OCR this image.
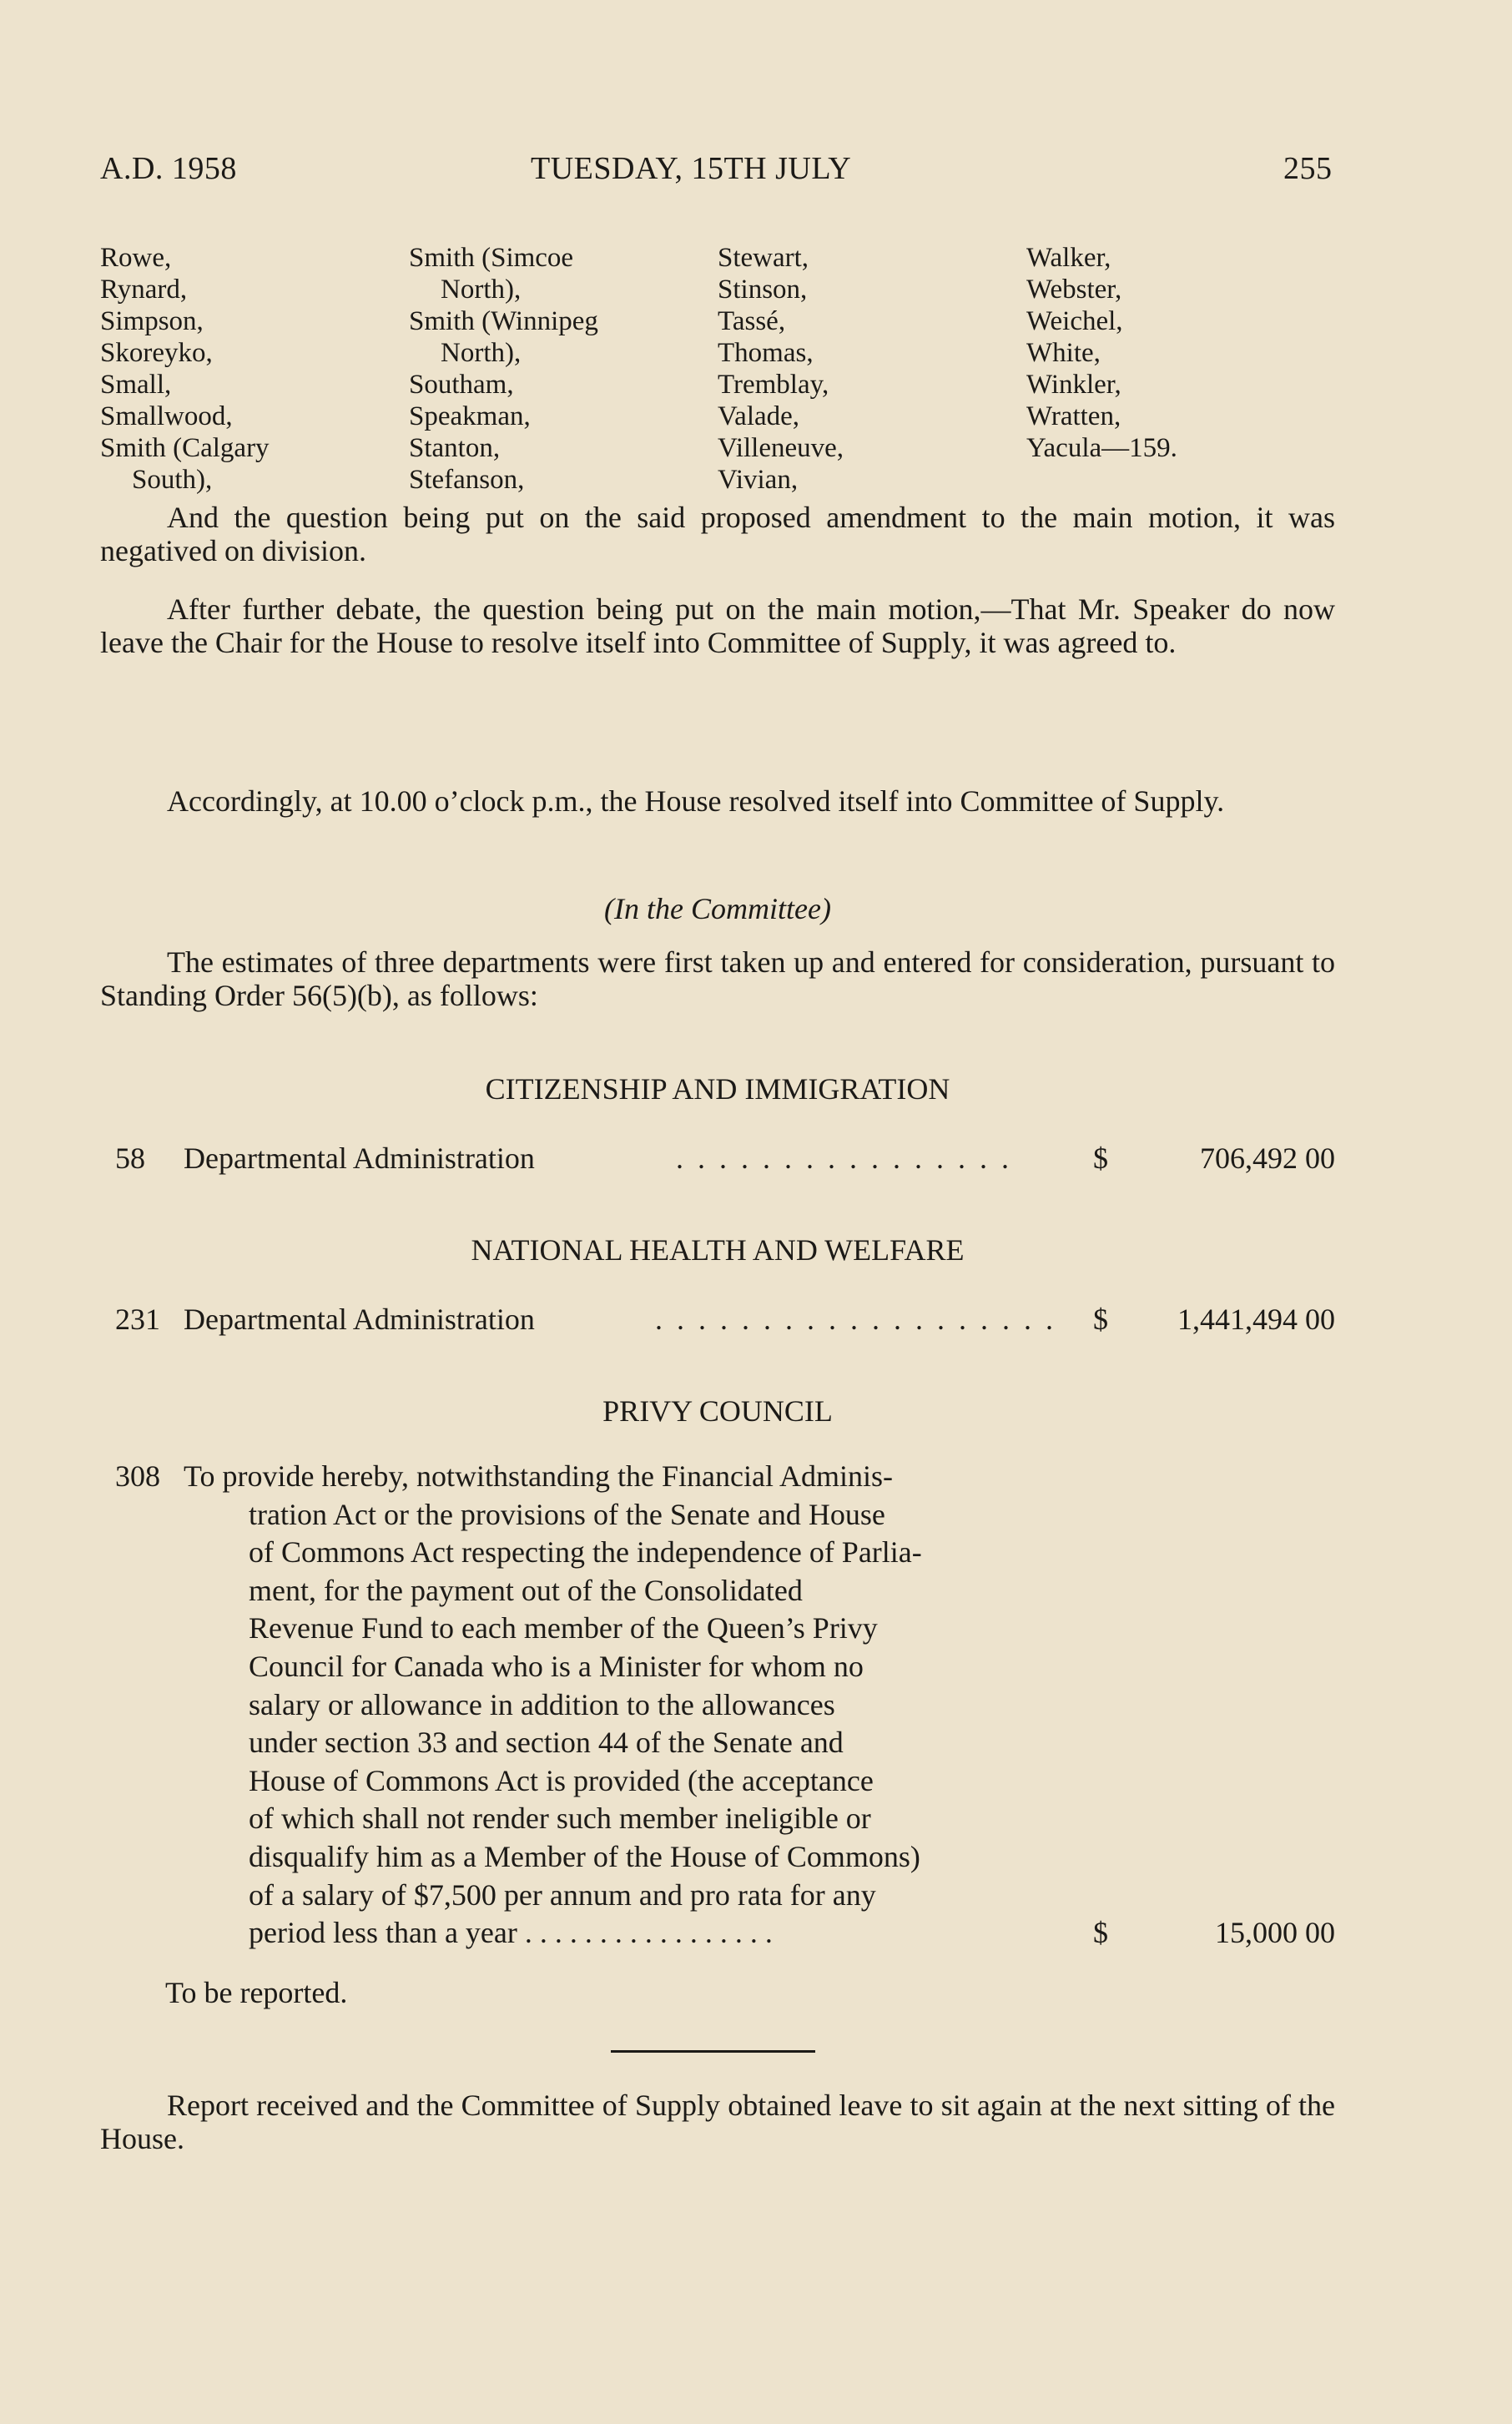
A.D. 1958	TUESDAY, 15TH JULY	255
Rowe,
Rynard,
Simpson,
Skoreyko,
Small,
Smallwood,
Smith (Calgary
South),
Smith (Simcoe
North),
Smith (Winnipeg
North),
Southam,
Speakman,
Stanton,
Stefanson,
Stewart,
Stinson,
Tassé,
Thomas,
Tremblay,
Valade,
Villeneuve,
Vivian,
Walker,
Webster,
Weichel,
White,
Winkler,
Wratten,
Yacula—159.

And the question being put on the said proposed amendment to the main motion, it was negatived on division.

After further debate, the question being put on the main motion,—That Mr. Speaker do now leave the Chair for the House to resolve itself into Committee of Supply, it was agreed to.

Accordingly, at 10.00 o’clock p.m., the House resolved itself into Committee of Supply.

(In the Committee)

The estimates of three departments were first taken up and entered for consideration, pursuant to Standing Order 56(5)(b), as follows:

CITIZENSHIP AND IMMIGRATION
58 Departmental Administration	. . . . . . . . . . . . . . . .	$	706,492 00
NATIONAL HEALTH AND WELFARE
231 Departmental Administration	. . . . . . . . . . . . . . . . . . . $ 1,441,494 00
PRIVY COUNCIL
308 To provide hereby, notwithstanding the Financial Adminis-
tration Act or the provisions of the Senate and House
of Commons Act respecting the independence of Parlia-
ment, for the payment out of the Consolidated
Revenue Fund to each member of the Queen’s Privy
Council for Canada who is a Minister for whom no
salary or allowance in addition to the allowances
under section 33 and section 44 of the Senate and
House of Commons Act is provided (the acceptance
of which shall not render such member ineligible or
disqualify him as a Member of the House of Commons)
of a salary of $7,500 per annum and pro rata for any
period less than a year . . . . . . . . . . . . . . . . .	$	15,000 00
To be reported.

Report received and the Committee of Supply obtained leave to sit again at the next sitting of the House.
